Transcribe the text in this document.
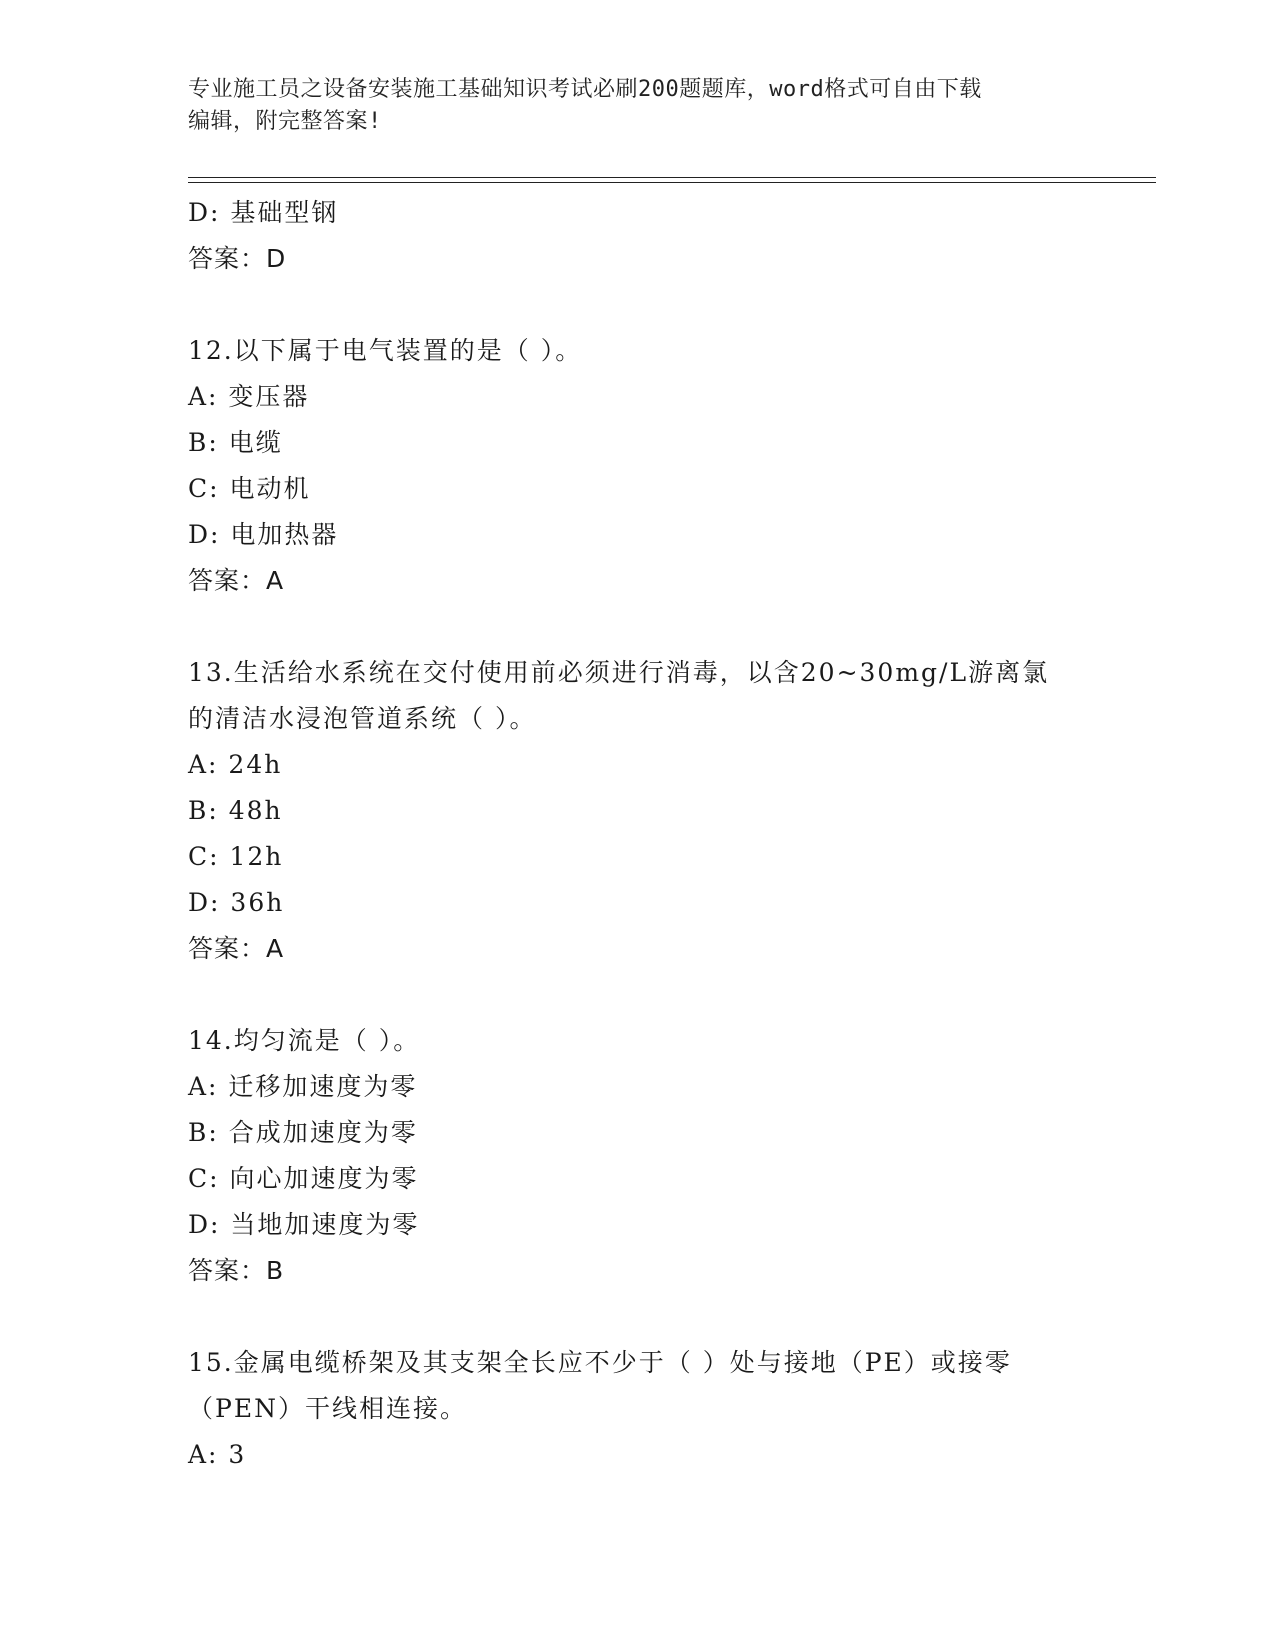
专业施工员之设备安装施工基础知识考试必刷200题题库，word格式可自由下载
编辑，附完整答案!
D: 基础型钢
答案：D
12.以下属于电气装置的是（ ）。
A: 变压器
B: 电缆
C: 电动机
D: 电加热器
答案：A
13.生活给水系统在交付使用前必须进行消毒，以含20~30mg/L游离氯
的清洁水浸泡管道系统（ ）。
A: 24h
B: 48h
C: 12h
D: 36h
答案：A
14.均匀流是（ ）。
A: 迁移加速度为零
B: 合成加速度为零
C: 向心加速度为零
D: 当地加速度为零
答案：B
15.金属电缆桥架及其支架全长应不少于（ ）处与接地（PE）或接零
（PEN）干线相连接。
A: 3
